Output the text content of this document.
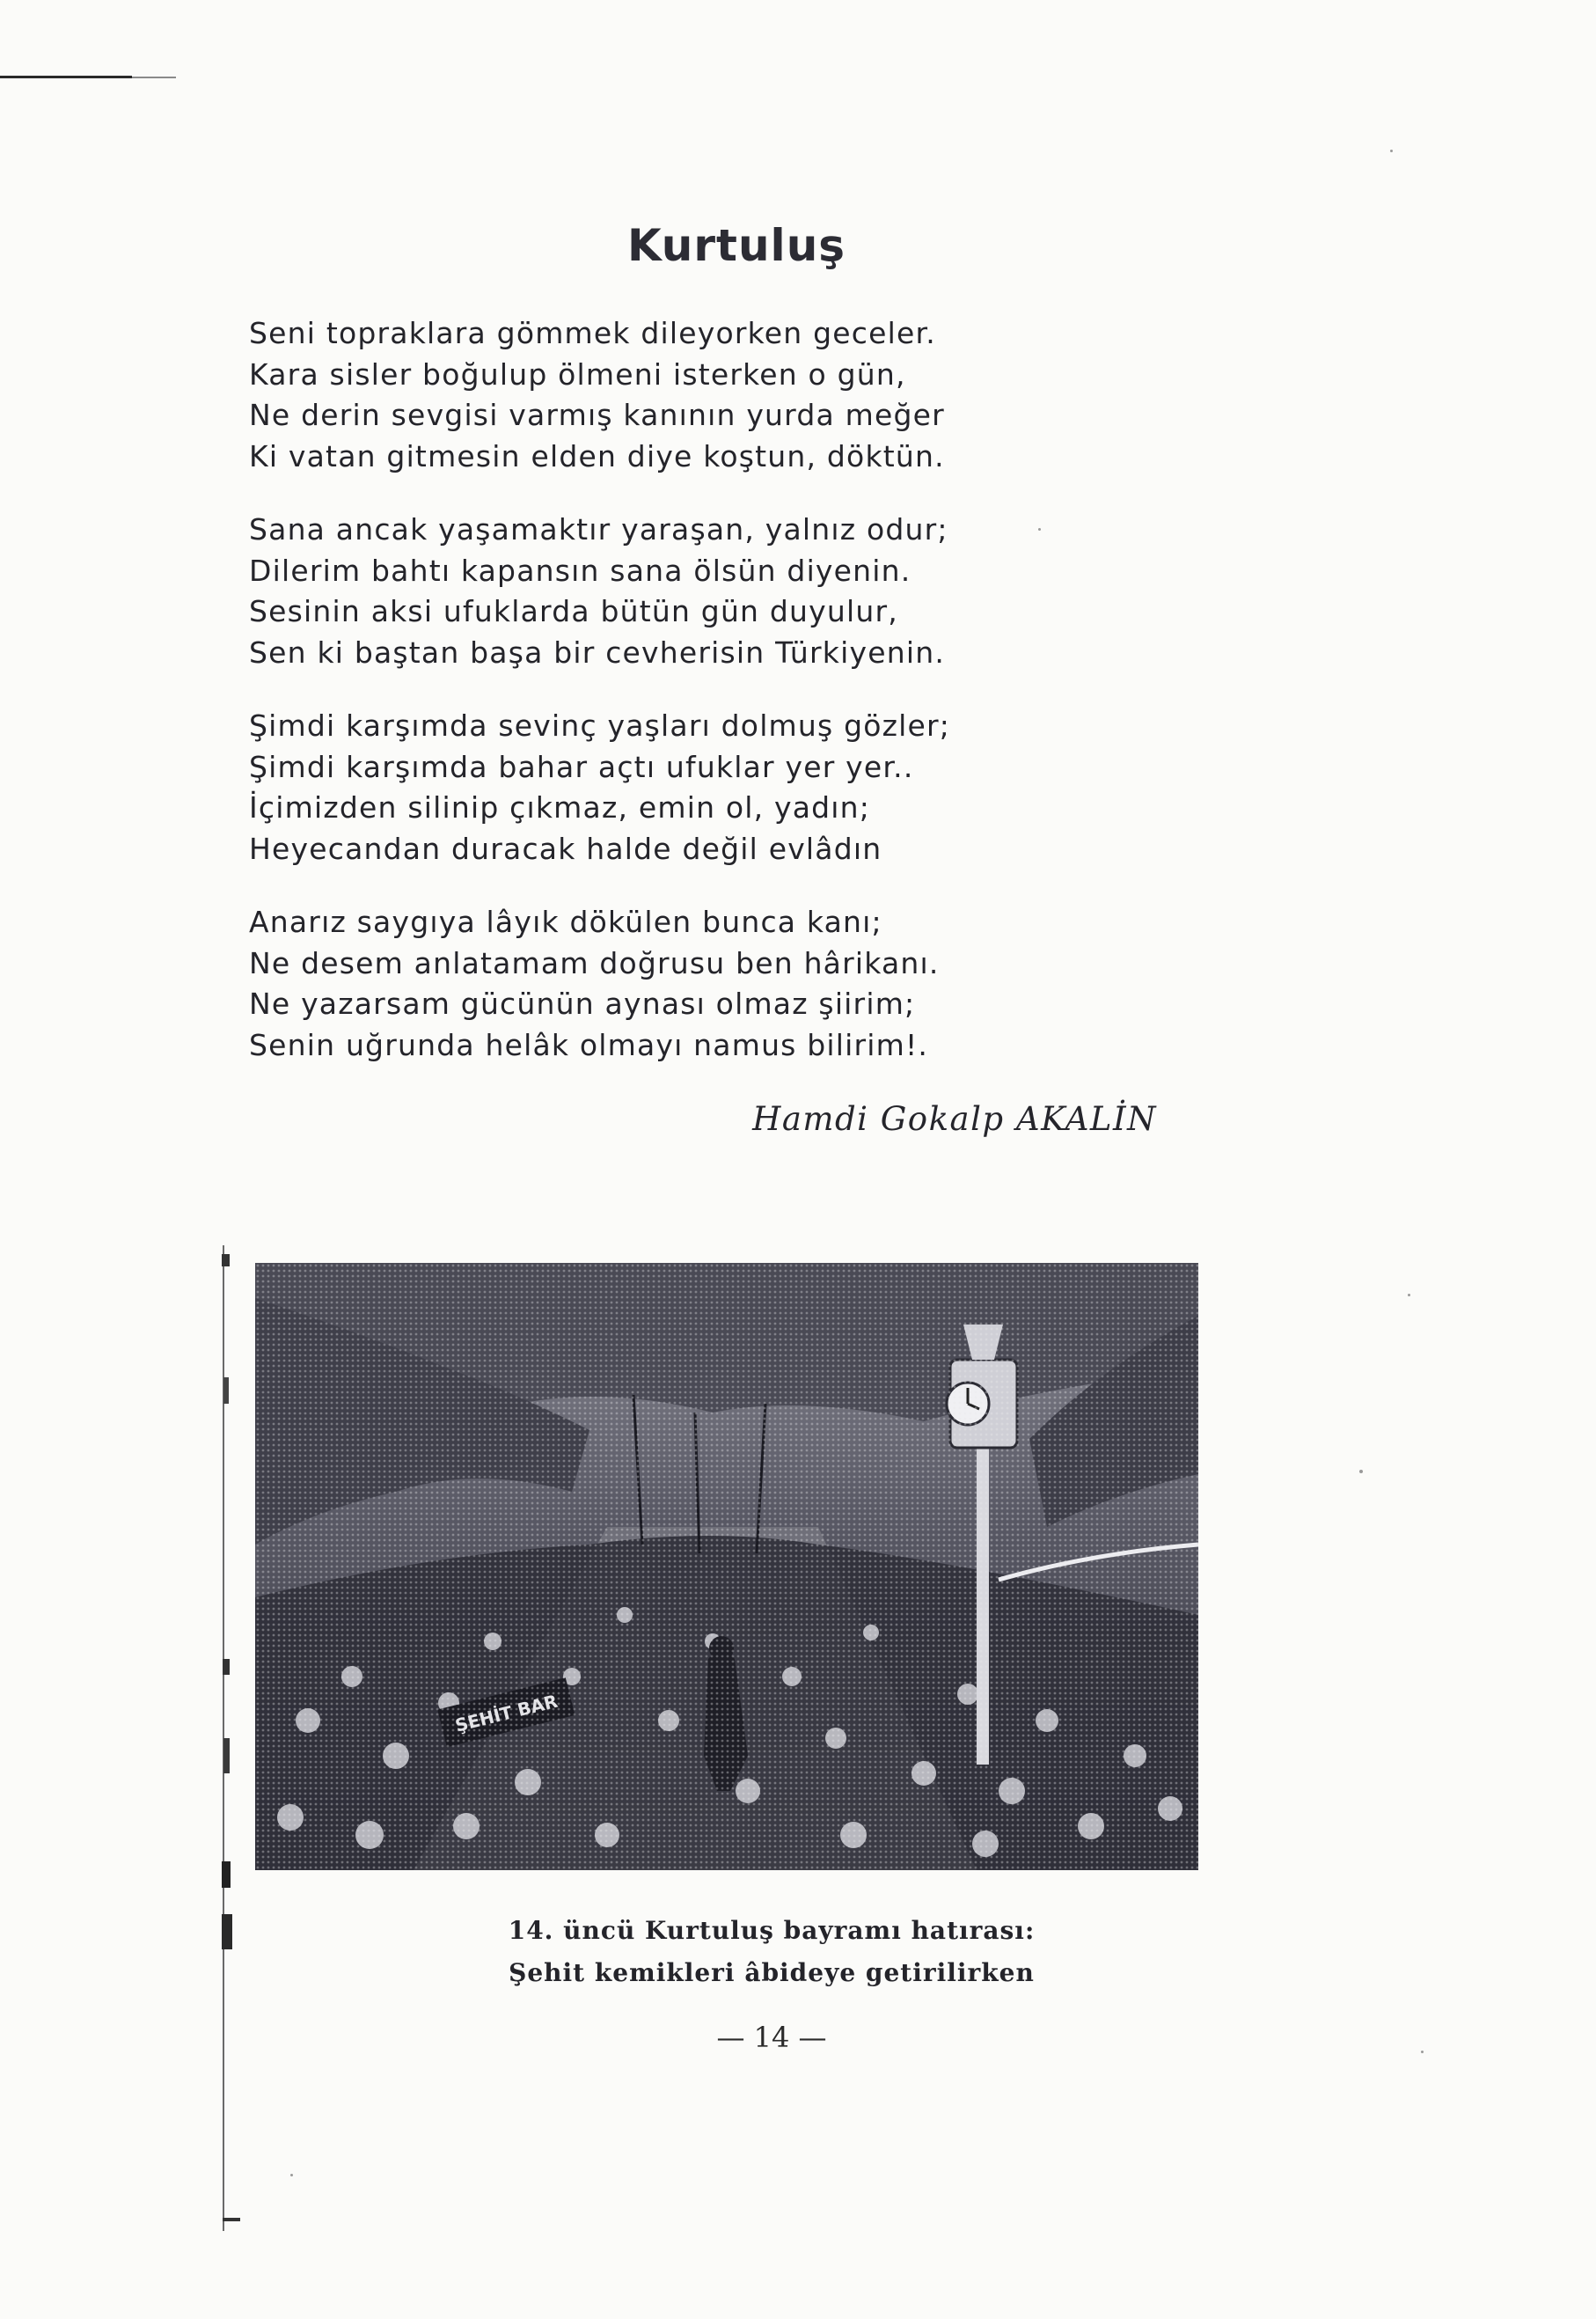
Kurtuluş
Seni topraklara gömmek dileyorken geceler.
Kara sisler boğulup ölmeni isterken o gün,
Ne derin sevgisi varmış kanının yurda meğer
Ki vatan gitmesin elden diye koştun, döktün.
Sana ancak yaşamaktır yaraşan, yalnız odur;
Dilerim bahtı kapansın sana ölsün diyenin.
Sesinin aksi ufuklarda bütün gün duyulur,
Sen ki baştan başa bir cevherisin Türkiyenin.
Şimdi karşımda sevinç yaşları dolmuş gözler;
Şimdi karşımda bahar açtı ufuklar yer yer..
İçimizden silinip çıkmaz, emin ol, yadın;
Heyecandan duracak halde değil evlâdın
Anarız saygıya lâyık dökülen bunca kanı;
Ne desem anlatamam doğrusu ben hârikanı.
Ne yazarsam gücünün aynası olmaz şiirim;
Senin uğrunda helâk olmayı namus bilirim!.
Hamdi Gokalp AKALİN
14. üncü Kurtuluş bayramı hatırası:
Şehit kemikleri âbideye getirilirken
— 14 —
